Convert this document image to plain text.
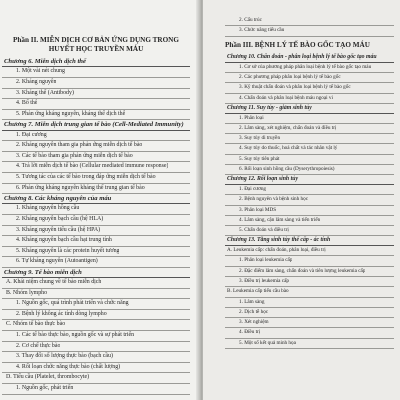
Phần II. MIỄN DỊCH CƠ BẢN ỨNG DỤNG TRONG HUYẾT HỌC TRUYỀN MÁU
Chương 6. Miễn dịch dịch thể
1. Một vài nét chung
2. Kháng nguyên
3. Kháng thể (Antibody)
4. Bổ thể
5. Phản ứng kháng nguyên, kháng thể dịch thể
Chương 7. Miễn dịch trung gian tế bào (Cell-Mediated Immunity)
1. Đại cương
2. Kháng nguyên tham gia phản ứng miễn dịch tế bào
3. Các tế bào tham gia phản ứng miễn dịch tế bào
4. Trả lời miễn dịch tế bào (Cellular mediated immune response)
5. Tương tác của các tế bào trong đáp ứng miễn dịch tế bào
6. Phản ứng kháng nguyên kháng thể trung gian tế bào
Chương 8. Các kháng nguyên của máu
1. Kháng nguyên hồng cầu
2. Kháng nguyên bạch cầu (hệ HLA)
3. Kháng nguyên tiểu cầu (hệ HPA)
4. Kháng nguyên bạch cầu hạt trung tính
5. Kháng nguyên là các protein huyết tương
6. Tự kháng nguyên (Autoantigen)
Chương 9. Tế bào miễn dịch
A. Khái niệm chung về tế bào miễn dịch
B. Nhóm lympho
1. Nguồn gốc, quá trình phát triển và chức năng
2. Bệnh lý không ác tính dòng lympho
C. Nhóm tế bào thực bào
1. Các tế bào thực bào, nguồn gốc và sự phát triển
2. Cơ chế thực bào
3. Thay đổi số lượng thực bào (bạch cầu)
4. Rối loạn chức năng thực bào (chất lượng)
D. Tiểu cầu (Platelet, thrombocyte)
1. Nguồn gốc, phát triển
2. Cấu trúc
3. Chức năng tiểu cầu
Phần III. BỆNH LÝ TẾ BÀO GỐC TẠO MÁU
Chương 10. Chẩn đoán - phân loại bệnh lý tế bào gốc tạo máu
1. Cơ sở của phương pháp phân loại bệnh lý tế bào gốc tạo máu
2. Các phương pháp phân loại bệnh lý tế bào gốc
3. Kỹ thuật chẩn đoán và phân loại bệnh lý tế bào gốc
4. Chẩn đoán và phân loại bệnh máu ngoại vi
Chương 11. Suy tủy - giảm sinh tủy
1. Phân loại
2. Lâm sàng, xét nghiệm, chẩn đoán và điều trị
3. Suy tủy di truyền
4. Suy tủy do thuốc, hoá chất và tác nhân vật lý
5. Suy tủy tiên phát
6. Rối loạn sinh hồng cầu (Dyserythropoiesis)
Chương 12. Rối loạn sinh tủy
1. Đại cương
2. Bệnh nguyên và bệnh sinh học
3. Phân loại MDS
4. Lâm sàng, cận lâm sàng và tiến triển
5. Chẩn đoán và điều trị
Chương 13. Tăng sinh tủy thể cấp - ác tính
A. Leukemia cấp: chẩn đoán, phân loại, điều trị
1. Phân loại leukemia cấp
2. Đặc điểm lâm sàng, chẩn đoán và tiên lượng leukemia cấp
3. Điều trị leukemia cấp
B. Leukemia cấp tiểu cầu bào
1. Lâm sàng
2. Dịch tễ học
3. Xét nghiệm
4. Điều trị
5. Một số kết quả minh họa
